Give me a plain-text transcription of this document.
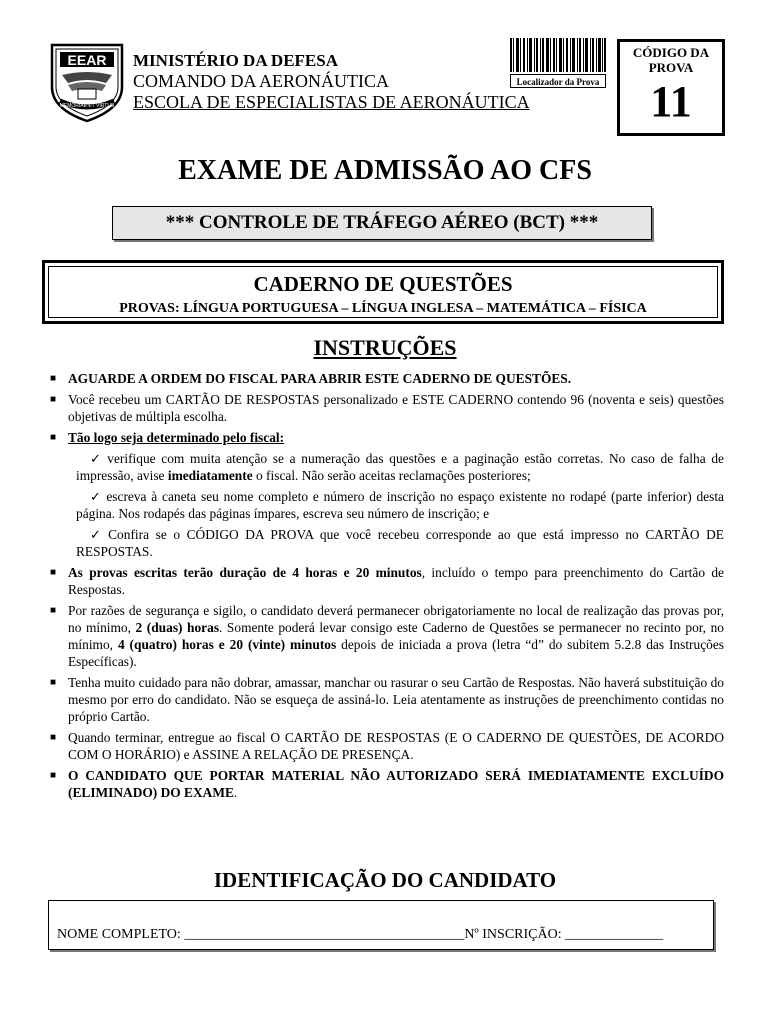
EEAR
MEMORIAE ET VIRTUS
MINISTÉRIO DA DEFESA
COMANDO DA AERONÁUTICA
ESCOLA DE ESPECIALISTAS DE AERONÁUTICA
Localizador da Prova
CÓDIGO DA PROVA
11
EXAME DE ADMISSÃO AO CFS
*** CONTROLE DE TRÁFEGO AÉREO (BCT) ***
CADERNO DE QUESTÕES
PROVAS: LÍNGUA PORTUGUESA – LÍNGUA INGLESA – MATEMÁTICA – FÍSICA
INSTRUÇÕES
■ AGUARDE A ORDEM DO FISCAL PARA ABRIR ESTE CADERNO DE QUESTÕES.
■ Você recebeu um CARTÃO DE RESPOSTAS personalizado e ESTE CADERNO contendo 96 (noventa e seis) questões objetivas de múltipla escolha.
■ Tão logo seja determinado pelo fiscal:
✓ verifique com muita atenção se a numeração das questões e a paginação estão corretas. No caso de falha de impressão, avise imediatamente o fiscal. Não serão aceitas reclamações posteriores;
✓ escreva à caneta seu nome completo e número de inscrição no espaço existente no rodapé (parte inferior) desta página. Nos rodapés das páginas ímpares, escreva seu número de inscrição; e
✓ Confira se o CÓDIGO DA PROVA que você recebeu corresponde ao que está impresso no CARTÃO DE RESPOSTAS.
■ As provas escritas terão duração de 4 horas e 20 minutos, incluído o tempo para preenchimento do Cartão de Respostas.
■ Por razões de segurança e sigilo, o candidato deverá permanecer obrigatoriamente no local de realização das provas por, no mínimo, 2 (duas) horas. Somente poderá levar consigo este Caderno de Questões se permanecer no recinto por, no mínimo, 4 (quatro) horas e 20 (vinte) minutos depois de iniciada a prova (letra “d” do subitem 5.2.8 das Instruções Específicas).
■ Tenha muito cuidado para não dobrar, amassar, manchar ou rasurar o seu Cartão de Respostas. Não haverá substituição do mesmo por erro do candidato. Não se esqueça de assiná-lo. Leia atentamente as instruções de preenchimento contidas no próprio Cartão.
■ Quando terminar, entregue ao fiscal O CARTÃO DE RESPOSTAS (E O CADERNO DE QUESTÕES, DE ACORDO COM O HORÁRIO) e ASSINE A RELAÇÃO DE PRESENÇA.
■ O CANDIDATO QUE PORTAR MATERIAL NÃO AUTORIZADO SERÁ IMEDIATAMENTE EXCLUÍDO (ELIMINADO) DO EXAME.
IDENTIFICAÇÃO DO CANDIDATO
NOME COMPLETO: ________________________________________Nº INSCRIÇÃO: ______________
